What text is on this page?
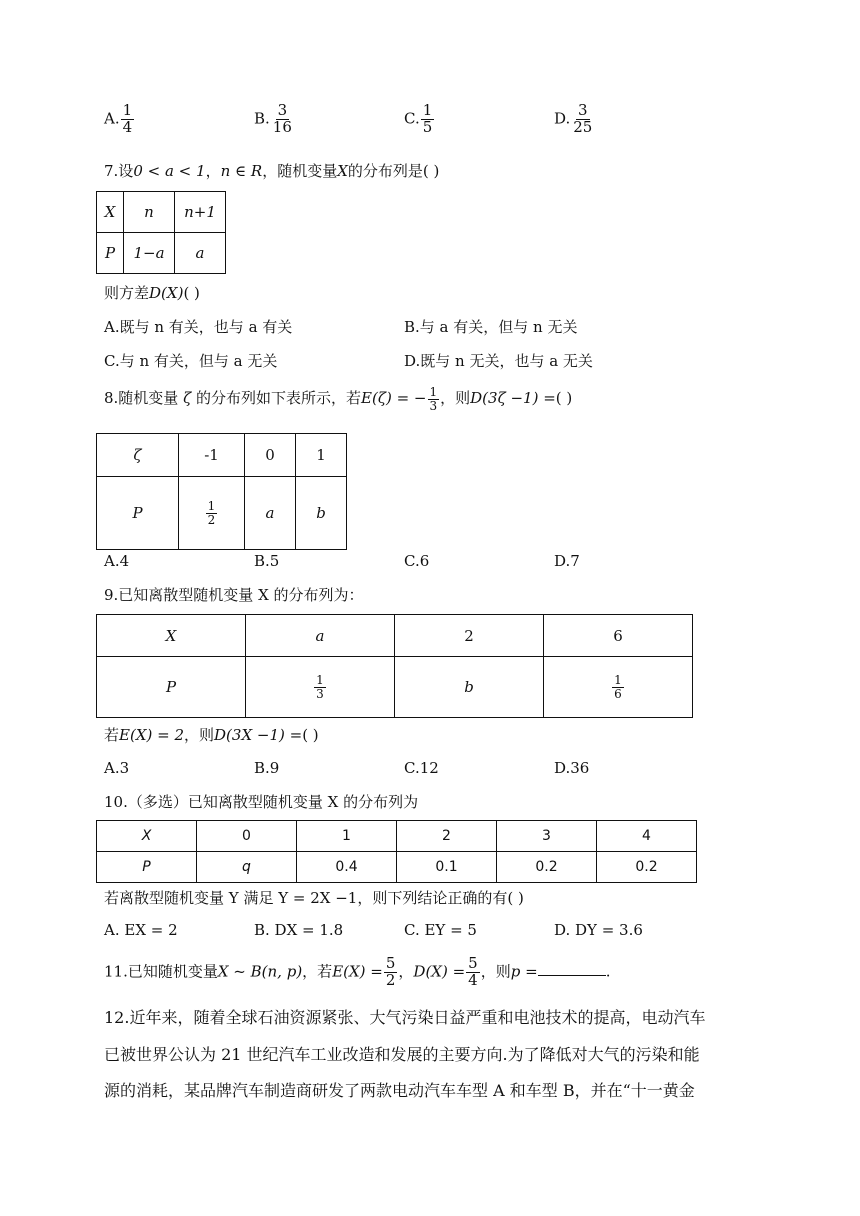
A. $\frac{1}{4}$	B. $\frac{3}{16}$	C. $\frac{1}{5}$	D. $\frac{3}{25}$
7.设0 < a < 1，n ∈ R，随机变量X的分布列是( )
X	n	n+1
P	1−a	a
则方差D(X)( )
A.既与 n 有关，也与 a 有关	B.与 a 有关，但与 n 无关
C.与 n 有关，但与 a 无关	D.既与 n 无关，也与 a 无关
8.随机变量 ζ 的分布列如下表所示，若E(ζ) = − $\frac{1}{3}$ ，则D(3ζ −1) =( )
ζ	-1	0	1
P	$\frac{1}{2}$	a	b
A.4	B.5	C.6	D.7
9.已知离散型随机变量 X 的分布列为：
X	a	2	6
P	$\frac{1}{3}$	b	$\frac{1}{6}$
若E(X) = 2，则D(3X −1) =( )
A.3	B.9	C.12	D.36
10.（多选）已知离散型随机变量 X 的分布列为
X	0	1	2	3	4
P	q	0.4	0.1	0.2	0.2
若离散型随机变量 Y 满足 Y = 2X −1，则下列结论正确的有( )
A. EX = 2	B. DX = 1.8	C. EY = 5	D. DY = 3.6
11.已知随机变量X ~ B(n, p)，若$E(X) = \frac{5}{2}$ ，$D(X) = \frac{5}{4}$ ，则p =	.
12.近年来，随着全球石油资源紧张、大气污染日益严重和电池技术的提高，电动汽车
已被世界公认为 21 世纪汽车工业改造和发展的主要方向.为了降低对大气的污染和能
源的消耗，某品牌汽车制造商研发了两款电动汽车车型 A 和车型 B，并在“十一黄金
